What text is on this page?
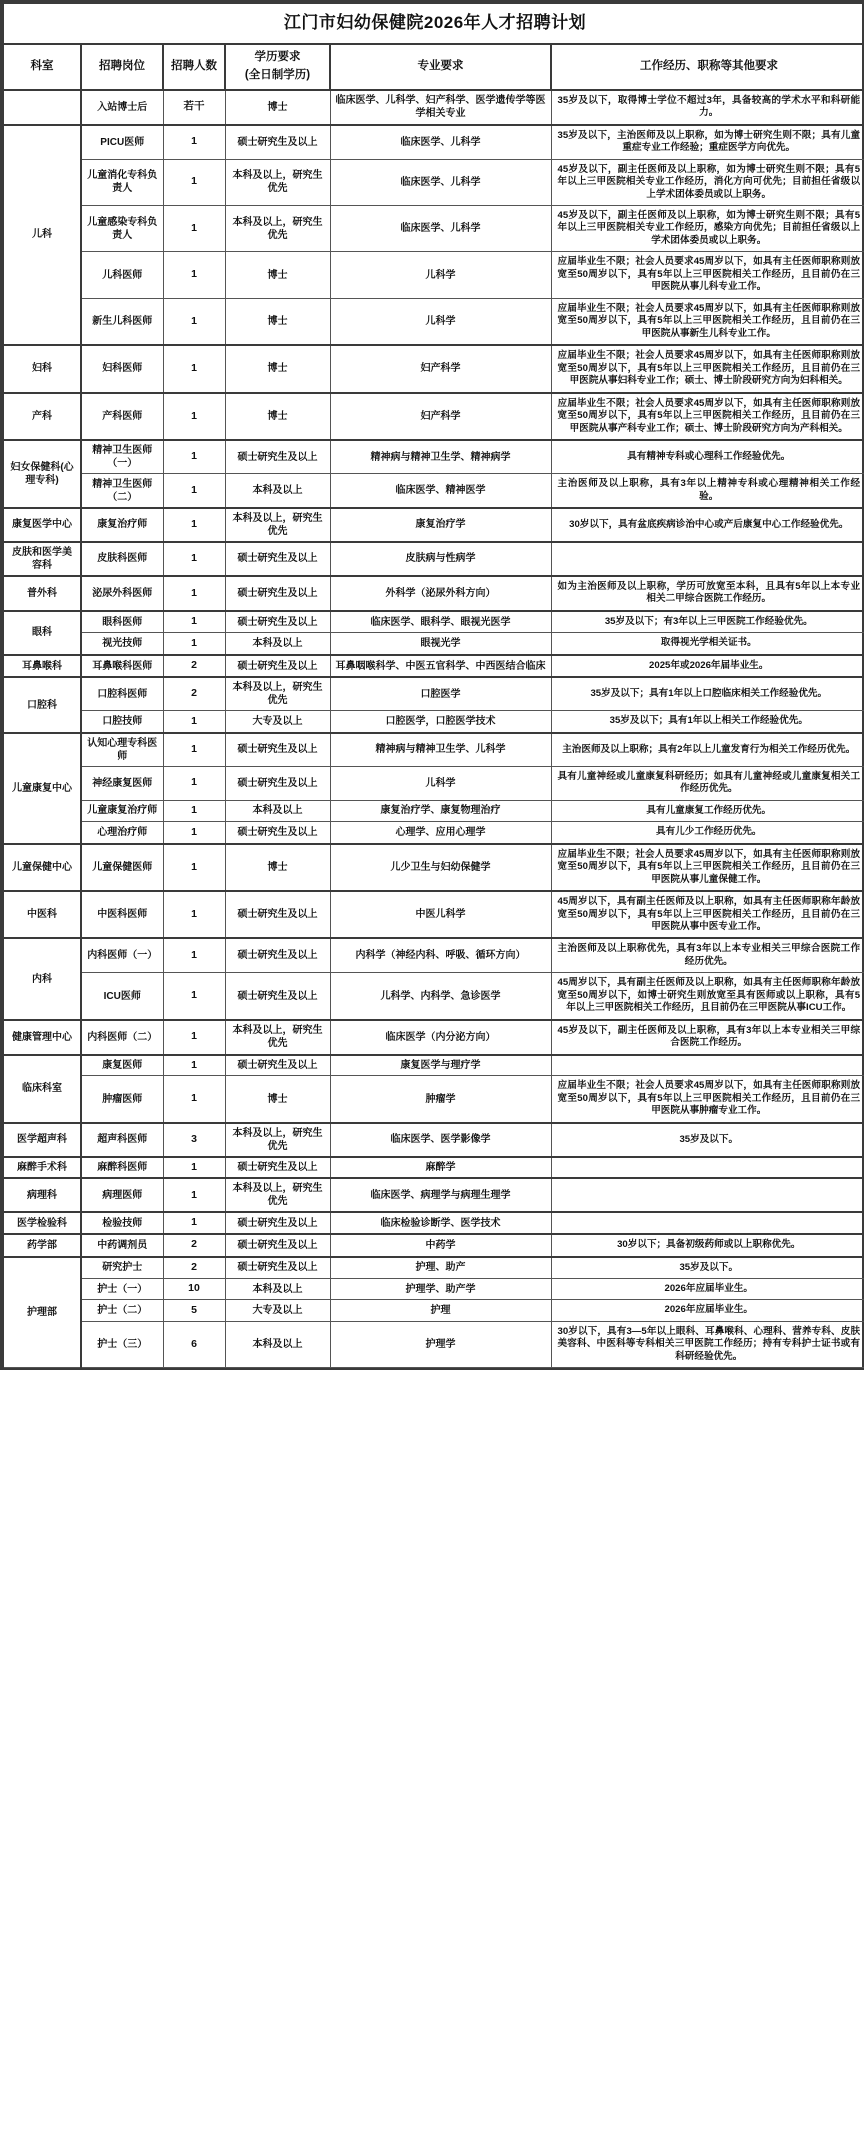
江门市妇幼保健院2026年人才招聘计划					
科室	招聘岗位	招聘人数	学历要求
(全日制学历)	专业要求	工作经历、职称等其他要求
	入站博士后	若干	博士	临床医学、儿科学、妇产科学、医学遗传学等医学相关专业	35岁及以下，取得博士学位不超过3年，具备较高的学术水平和科研能力。

儿科	PICU医师	1	硕士研究生及以上	临床医学、儿科学	35岁及以下，主治医师及以上职称，如为博士研究生则不限；具有儿童重症专业工作经验；重症医学方向优先。

	儿童消化专科负责人	1	本科及以上，研究生优先	临床医学、儿科学	45岁及以下，副主任医师及以上职称，如为博士研究生则不限；具有5年以上三甲医院相关专业工作经历，消化方向可优先；目前担任省级以上学术团体委员或以上职务。

	儿童感染专科负责人	1	本科及以上，研究生优先	临床医学、儿科学	45岁及以下，副主任医师及以上职称，如为博士研究生则不限；具有5年以上三甲医院相关专业工作经历，感染方向优先；目前担任省级以上学术团体委员或以上职务。

	儿科医师	1	博士	儿科学	应届毕业生不限；社会人员要求45周岁以下，如具有主任医师职称则放宽至50周岁以下，具有5年以上三甲医院相关工作经历，且目前仍在三甲医院从事儿科专业工作。

	新生儿科医师	1	博士	儿科学	应届毕业生不限；社会人员要求45周岁以下，如具有主任医师职称则放宽至50周岁以下，具有5年以上三甲医院相关工作经历，且目前仍在三甲医院从事新生儿科专业工作。

妇科	妇科医师	1	博士	妇产科学	应届毕业生不限；社会人员要求45周岁以下，如具有主任医师职称则放宽至50周岁以下，具有5年以上三甲医院相关工作经历，且目前仍在三甲医院从事妇科专业工作；硕士、博士阶段研究方向为妇科相关。

产科	产科医师	1	博士	妇产科学	应届毕业生不限；社会人员要求45周岁以下，如具有主任医师职称则放宽至50周岁以下，具有5年以上三甲医院相关工作经历，且目前仍在三甲医院从事产科专业工作；硕士、博士阶段研究方向为产科相关。

妇女保健科(心理专科)	精神卫生医师（一）	1	硕士研究生及以上	精神病与精神卫生学、精神病学	具有精神专科或心理科工作经验优先。

	精神卫生医师（二）	1	本科及以上	临床医学、精神医学	主治医师及以上职称，具有3年以上精神专科或心理精神相关工作经验。

康复医学中心	康复治疗师	1	本科及以上，研究生优先	康复治疗学	30岁以下，具有盆底疾病诊治中心或产后康复中心工作经验优先。

皮肤和医学美容科	皮肤科医师	1	硕士研究生及以上	皮肤病与性病学	
普外科	泌尿外科医师	1	硕士研究生及以上	外科学（泌尿外科方向）	如为主治医师及以上职称，学历可放宽至本科，且具有5年以上本专业相关二甲综合医院工作经历。

眼科	眼科医师	1	硕士研究生及以上	临床医学、眼科学、眼视光医学	35岁及以下；有3年以上三甲医院工作经验优先。

	视光技师	1	本科及以上	眼视光学	取得视光学相关证书。

耳鼻喉科	耳鼻喉科医师	2	硕士研究生及以上	耳鼻咽喉科学、中医五官科学、中西医结合临床	2025年或2026年届毕业生。

口腔科	口腔科医师	2	本科及以上，研究生优先	口腔医学	35岁及以下；具有1年以上口腔临床相关工作经验优先。

	口腔技师	1	大专及以上	口腔医学，口腔医学技术	35岁及以下；具有1年以上相关工作经验优先。

儿童康复中心	认知心理专科医师	1	硕士研究生及以上	精神病与精神卫生学、儿科学	主治医师及以上职称；具有2年以上儿童发育行为相关工作经历优先。

	神经康复医师	1	硕士研究生及以上	儿科学	具有儿童神经或儿童康复科研经历；如具有儿童神经或儿童康复相关工作经历优先。

	儿童康复治疗师	1	本科及以上	康复治疗学、康复物理治疗	具有儿童康复工作经历优先。

	心理治疗师	1	硕士研究生及以上	心理学、应用心理学	具有儿少工作经历优先。

儿童保健中心	儿童保健医师	1	博士	儿少卫生与妇幼保健学	应届毕业生不限；社会人员要求45周岁以下，如具有主任医师职称则放宽至50周岁以下，具有5年以上三甲医院相关工作经历，且目前仍在三甲医院从事儿童保健工作。

中医科	中医科医师	1	硕士研究生及以上	中医儿科学	45周岁以下，具有副主任医师及以上职称，如具有主任医师职称年龄放宽至50周岁以下，具有5年以上三甲医院相关工作经历，且目前仍在三甲医院从事中医专业工作。

内科	内科医师（一）	1	硕士研究生及以上	内科学（神经内科、呼吸、循环方向）	主治医师及以上职称优先，具有3年以上本专业相关三甲综合医院工作经历优先。

	ICU医师	1	硕士研究生及以上	儿科学、内科学、急诊医学	45周岁以下，具有副主任医师及以上职称，如具有主任医师职称年龄放宽至50周岁以下，如博士研究生则放宽至具有医师或以上职称，具有5年以上三甲医院相关工作经历，且目前仍在三甲医院从事ICU工作。

健康管理中心	内科医师（二）	1	本科及以上，研究生优先	临床医学（内分泌方向）	45岁及以下，副主任医师及以上职称，具有3年以上本专业相关三甲综合医院工作经历。

临床科室	康复医师	1	硕士研究生及以上	康复医学与理疗学	
	肿瘤医师	1	博士	肿瘤学	应届毕业生不限；社会人员要求45周岁以下，如具有主任医师职称则放宽至50周岁以下，具有5年以上三甲医院相关工作经历，且目前仍在三甲医院从事肿瘤专业工作。

医学超声科	超声科医师	3	本科及以上，研究生优先	临床医学、医学影像学	35岁及以下。

麻醉手术科	麻醉科医师	1	硕士研究生及以上	麻醉学	
病理科	病理医师	1	本科及以上，研究生优先	临床医学、病理学与病理生理学	
医学检验科	检验技师	1	硕士研究生及以上	临床检验诊断学、医学技术	
药学部	中药调剂员	2	硕士研究生及以上	中药学	30岁以下；具备初级药师或以上职称优先。

护理部	研究护士	2	硕士研究生及以上	护理、助产	35岁及以下。

	护士（一）	10	本科及以上	护理学、助产学	2026年应届毕业生。

	护士（二）	5	大专及以上	护理	2026年应届毕业生。

	护士（三）	6	本科及以上	护理学	30岁以下，具有3—5年以上眼科、耳鼻喉科、心理科、营养专科、皮肤美容科、中医科等专科相关三甲医院工作经历；持有专科护士证书或有科研经验优先。
